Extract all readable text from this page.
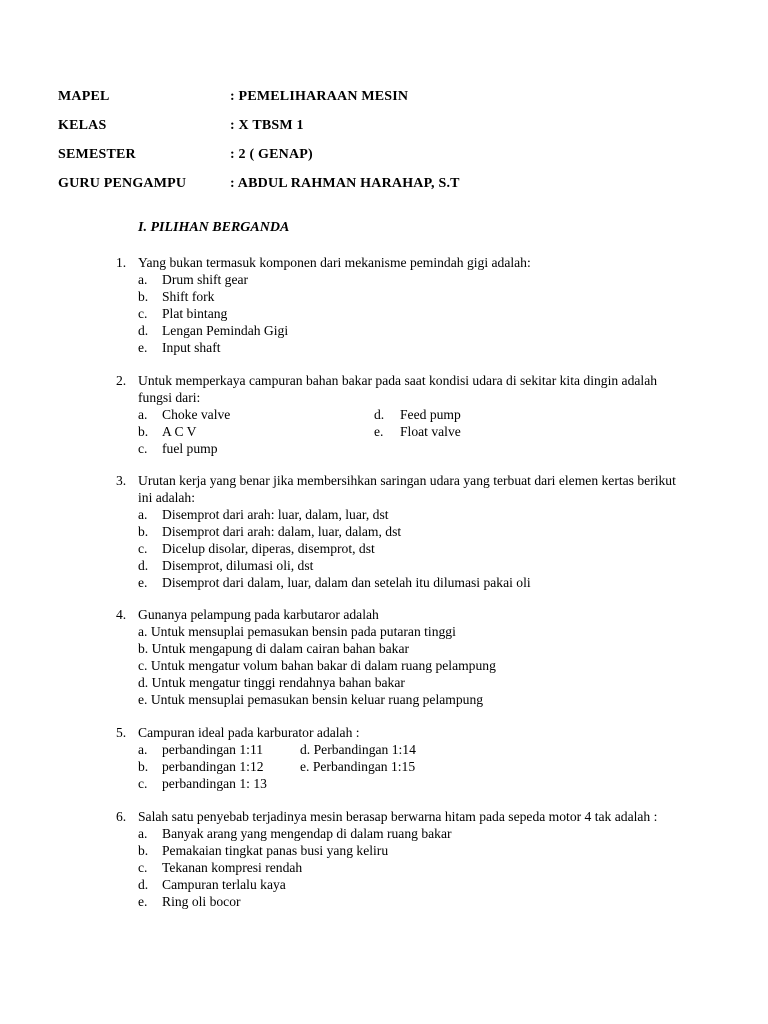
MAPEL	: PEMELIHARAAN MESIN
KELAS	: X TBSM 1
SEMESTER	: 2 ( GENAP)
GURU PENGAMPU	: ABDUL RAHMAN HARAHAP, S.T
I. PILIHAN BERGANDA
1. Yang bukan termasuk komponen dari mekanisme pemindah gigi adalah:
a. Drum shift gear
b. Shift fork
c. Plat bintang
d. Lengan Pemindah Gigi
e. Input shaft
2. Untuk memperkaya campuran bahan bakar pada saat kondisi udara di sekitar kita dingin adalah fungsi dari:
a. Choke valve	d. Feed pump
b. A C V	e. Float valve
c. fuel pump
3. Urutan kerja yang benar jika membersihkan saringan udara yang terbuat dari elemen kertas berikut ini adalah:
a. Disemprot dari arah: luar, dalam, luar, dst
b. Disemprot dari arah: dalam, luar, dalam, dst
c. Dicelup disolar, diperas, disemprot, dst
d. Disemprot, dilumasi oli, dst
e. Disemprot dari dalam, luar, dalam dan setelah itu dilumasi pakai oli
4. Gunanya pelampung pada karbutaror adalah
a. Untuk mensuplai pemasukan bensin pada putaran tinggi
b. Untuk mengapung di dalam cairan bahan bakar
c. Untuk mengatur volum bahan bakar di dalam ruang pelampung
d. Untuk mengatur tinggi rendahnya bahan bakar
e. Untuk mensuplai pemasukan bensin keluar ruang pelampung
5. Campuran ideal pada karburator adalah :
a. perbandingan 1:11	d. Perbandingan 1:14
b. perbandingan 1:12	e. Perbandingan 1:15
c. perbandingan 1: 13
6. Salah satu penyebab terjadinya mesin berasap berwarna hitam pada sepeda motor 4 tak adalah :
a. Banyak arang yang mengendap di dalam ruang bakar
b. Pemakaian tingkat panas busi yang keliru
c. Tekanan kompresi rendah
d. Campuran terlalu kaya
e. Ring oli bocor
